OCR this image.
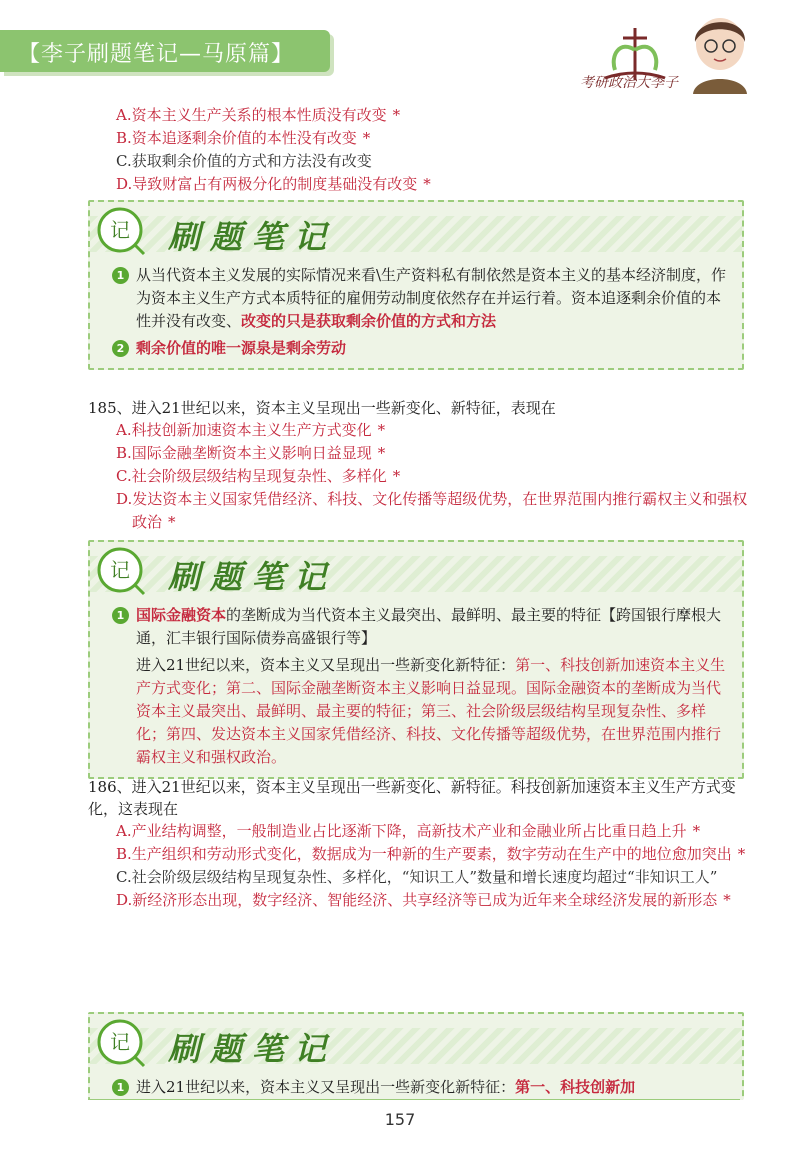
【李子刷题笔记—马原篇】
考研政治大李子
A.资本主义生产关系的根本性质没有改变 *
B.资本追逐剩余价值的本性没有改变 *
C.获取剩余价值的方式和方法没有改变
D.导致财富占有两极分化的制度基础没有改变 *
记 刷题笔记
1 从当代资本主义发展的实际情况来看\生产资料私有制依然是资本主义的基本经济制度，作为资本主义生产方式本质特征的雇佣劳动制度依然存在并运行着。资本追逐剩余价值的本性并没有改变、改变的只是获取剩余价值的方式和方法
2 剩余价值的唯一源泉是剩余劳动
185、进入21世纪以来，资本主义呈现出一些新变化、新特征，表现在
A.科技创新加速资本主义生产方式变化 *
B.国际金融垄断资本主义影响日益显现 *
C.社会阶级层级结构呈现复杂性、多样化 *
D.发达资本主义国家凭借经济、科技、文化传播等超级优势，在世界范围内推行霸权主义和强权政治 *
记 刷题笔记
1 国际金融资本的垄断成为当代资本主义最突出、最鲜明、最主要的特征【跨国银行摩根大通，汇丰银行国际债券高盛银行等】
进入21世纪以来，资本主义又呈现出一些新变化新特征：第一、科技创新加速资本主义生产方式变化；第二、国际金融垄断资本主义影响日益显现。国际金融资本的垄断成为当代资本主义最突出、最鲜明、最主要的特征；第三、社会阶级层级结构呈现复杂性、多样化；第四、发达资本主义国家凭借经济、科技、文化传播等超级优势，在世界范围内推行霸权主义和强权政治。
186、进入21世纪以来，资本主义呈现出一些新变化、新特征。科技创新加速资本主义生产方式变化，这表现在
A.产业结构调整，一般制造业占比逐渐下降，高新技术产业和金融业所占比重日趋上升 *
B.生产组织和劳动形式变化，数据成为一种新的生产要素，数字劳动在生产中的地位愈加突出 *
C.社会阶级层级结构呈现复杂性、多样化，“知识工人”数量和增长速度均超过“非知识工人”
D.新经济形态出现，数字经济、智能经济、共享经济等已成为近年来全球经济发展的新形态 *
记 刷题笔记
1 进入21世纪以来，资本主义又呈现出一些新变化新特征：第一、科技创新加
157
